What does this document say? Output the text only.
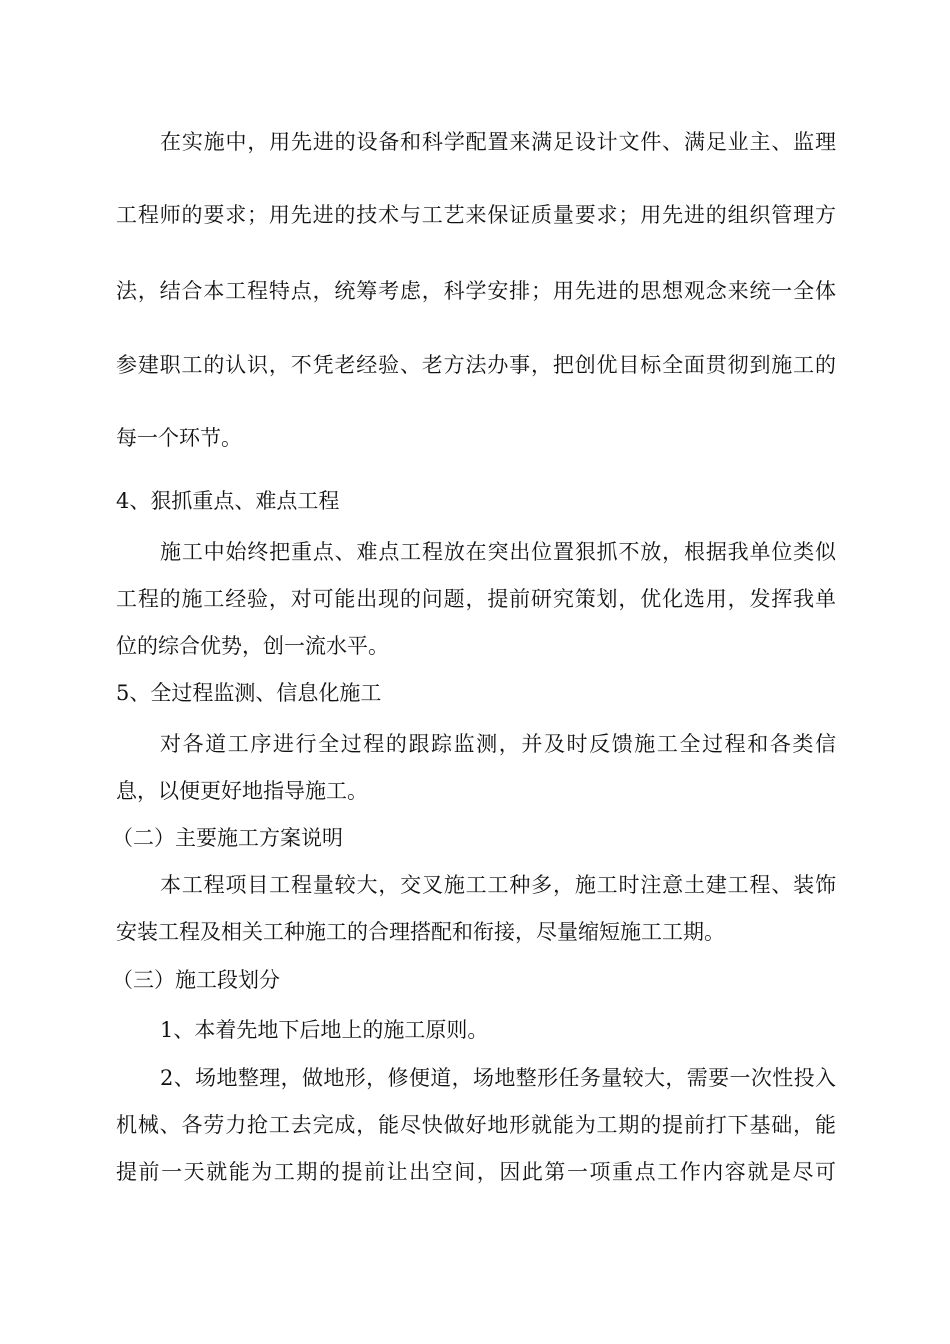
在实施中，用先进的设备和科学配置来满足设计文件、满足业主、监理
工程师的要求；用先进的技术与工艺来保证质量要求；用先进的组织管理方
法，结合本工程特点，统筹考虑，科学安排；用先进的思想观念来统一全体
参建职工的认识，不凭老经验、老方法办事，把创优目标全面贯彻到施工的
每一个环节。
4、狠抓重点、难点工程
施工中始终把重点、难点工程放在突出位置狠抓不放，根据我单位类似
工程的施工经验，对可能出现的问题，提前研究策划，优化选用，发挥我单
位的综合优势，创一流水平。
5、全过程监测、信息化施工
对各道工序进行全过程的跟踪监测，并及时反馈施工全过程和各类信
息，以便更好地指导施工。
（二）主要施工方案说明
本工程项目工程量较大，交叉施工工种多，施工时注意土建工程、装饰
安装工程及相关工种施工的合理搭配和衔接，尽量缩短施工工期。
（三）施工段划分
1、本着先地下后地上的施工原则。
2、场地整理，做地形，修便道，场地整形任务量较大，需要一次性投入
机械、各劳力抢工去完成，能尽快做好地形就能为工期的提前打下基础，能
提前一天就能为工期的提前让出空间，因此第一项重点工作内容就是尽可
